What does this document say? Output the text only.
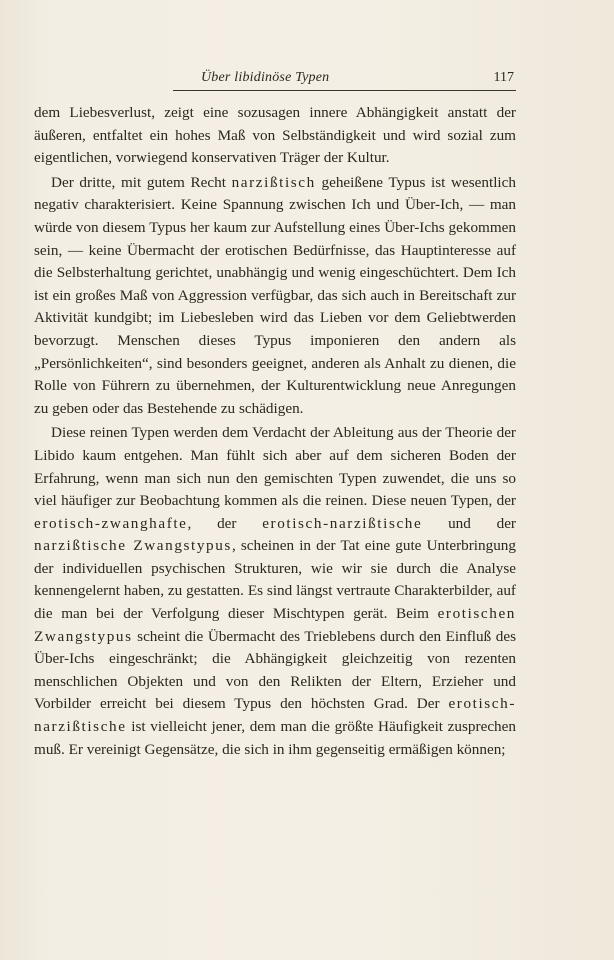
Über libidinöse Typen	117

dem Liebesverlust, zeigt eine sozusagen innere Abhängigkeit anstatt der äußeren, entfaltet ein hohes Maß von Selbständigkeit und wird sozial zum eigentlichen, vorwiegend konservativen Träger der Kultur.

Der dritte, mit gutem Recht narzißtisch geheißene Typus ist wesentlich negativ charakterisiert. Keine Spannung zwischen Ich und Über-Ich, — man würde von diesem Typus her kaum zur Aufstellung eines Über-Ichs gekommen sein, — keine Übermacht der erotischen Bedürfnisse, das Hauptinteresse auf die Selbsterhaltung gerichtet, unabhängig und wenig eingeschüchtert. Dem Ich ist ein großes Maß von Aggression verfügbar, das sich auch in Bereitschaft zur Aktivität kundgibt; im Liebesleben wird das Lieben vor dem Geliebtwerden bevorzugt. Menschen dieses Typus imponieren den andern als „Persönlichkeiten“, sind besonders geeignet, anderen als Anhalt zu dienen, die Rolle von Führern zu übernehmen, der Kulturentwicklung neue Anregungen zu geben oder das Bestehende zu schädigen.

Diese reinen Typen werden dem Verdacht der Ableitung aus der Theorie der Libido kaum entgehen. Man fühlt sich aber auf dem sicheren Boden der Erfahrung, wenn man sich nun den gemischten Typen zuwendet, die uns so viel häufiger zur Beobachtung kommen als die reinen. Diese neuen Typen, der erotisch-zwanghafte, der erotisch-narzißtische und der narzißtische Zwangstypus, scheinen in der Tat eine gute Unterbringung der individuellen psychischen Strukturen, wie wir sie durch die Analyse kennengelernt haben, zu gestatten. Es sind längst vertraute Charakterbilder, auf die man bei der Verfolgung dieser Mischtypen gerät. Beim erotischen Zwangstypus scheint die Übermacht des Trieblebens durch den Einfluß des Über-Ichs eingeschränkt; die Abhängigkeit gleichzeitig von rezenten menschlichen Objekten und von den Relikten der Eltern, Erzieher und Vorbilder erreicht bei diesem Typus den höchsten Grad. Der erotisch-narzißtische ist vielleicht jener, dem man die größte Häufigkeit zusprechen muß. Er vereinigt Gegensätze, die sich in ihm gegenseitig ermäßigen können;
